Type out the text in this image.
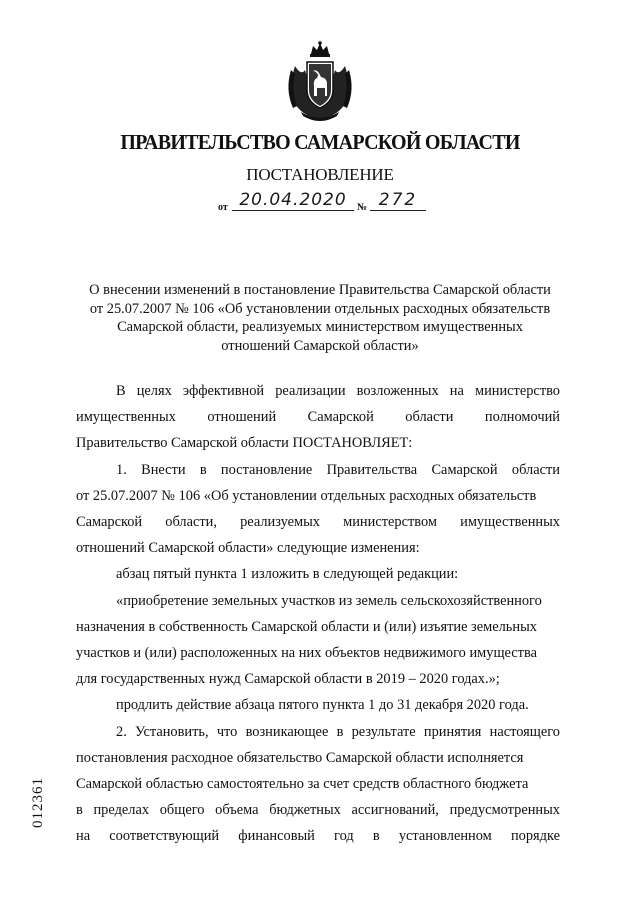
ПРАВИТЕЛЬСТВО САМАРСКОЙ ОБЛАСТИ
ПОСТАНОВЛЕНИЕ
от 20.04.2020	№ 272
О внесении изменений в постановление Правительства Самарской области
от 25.07.2007 № 106 «Об установлении отдельных расходных обязательств
Самарской области, реализуемых министерством имущественных
отношений Самарской области»
В целях эффективной реализации возложенных на министерство
имущественных отношений Самарской области полномочий
Правительство Самарской области ПОСТАНОВЛЯЕТ:
1. Внести в постановление Правительства Самарской области
от 25.07.2007 № 106 «Об установлении отдельных расходных обязательств
Самарской области, реализуемых министерством имущественных
отношений Самарской области» следующие изменения:
абзац пятый пункта 1 изложить в следующей редакции:
«приобретение земельных участков из земель сельскохозяйственного
назначения в собственность Самарской области и (или) изъятие земельных
участков и (или) расположенных на них объектов недвижимого имущества
для государственных нужд Самарской области в 2019 – 2020 годах.»;
продлить действие абзаца пятого пункта 1 до 31 декабря 2020 года.
2. Установить, что возникающее в результате принятия настоящего
постановления расходное обязательство Самарской области исполняется
Самарской областью самостоятельно за счет средств областного бюджета
в пределах общего объема бюджетных ассигнований, предусмотренных
на соответствующий финансовый год в установленном порядке
012361
